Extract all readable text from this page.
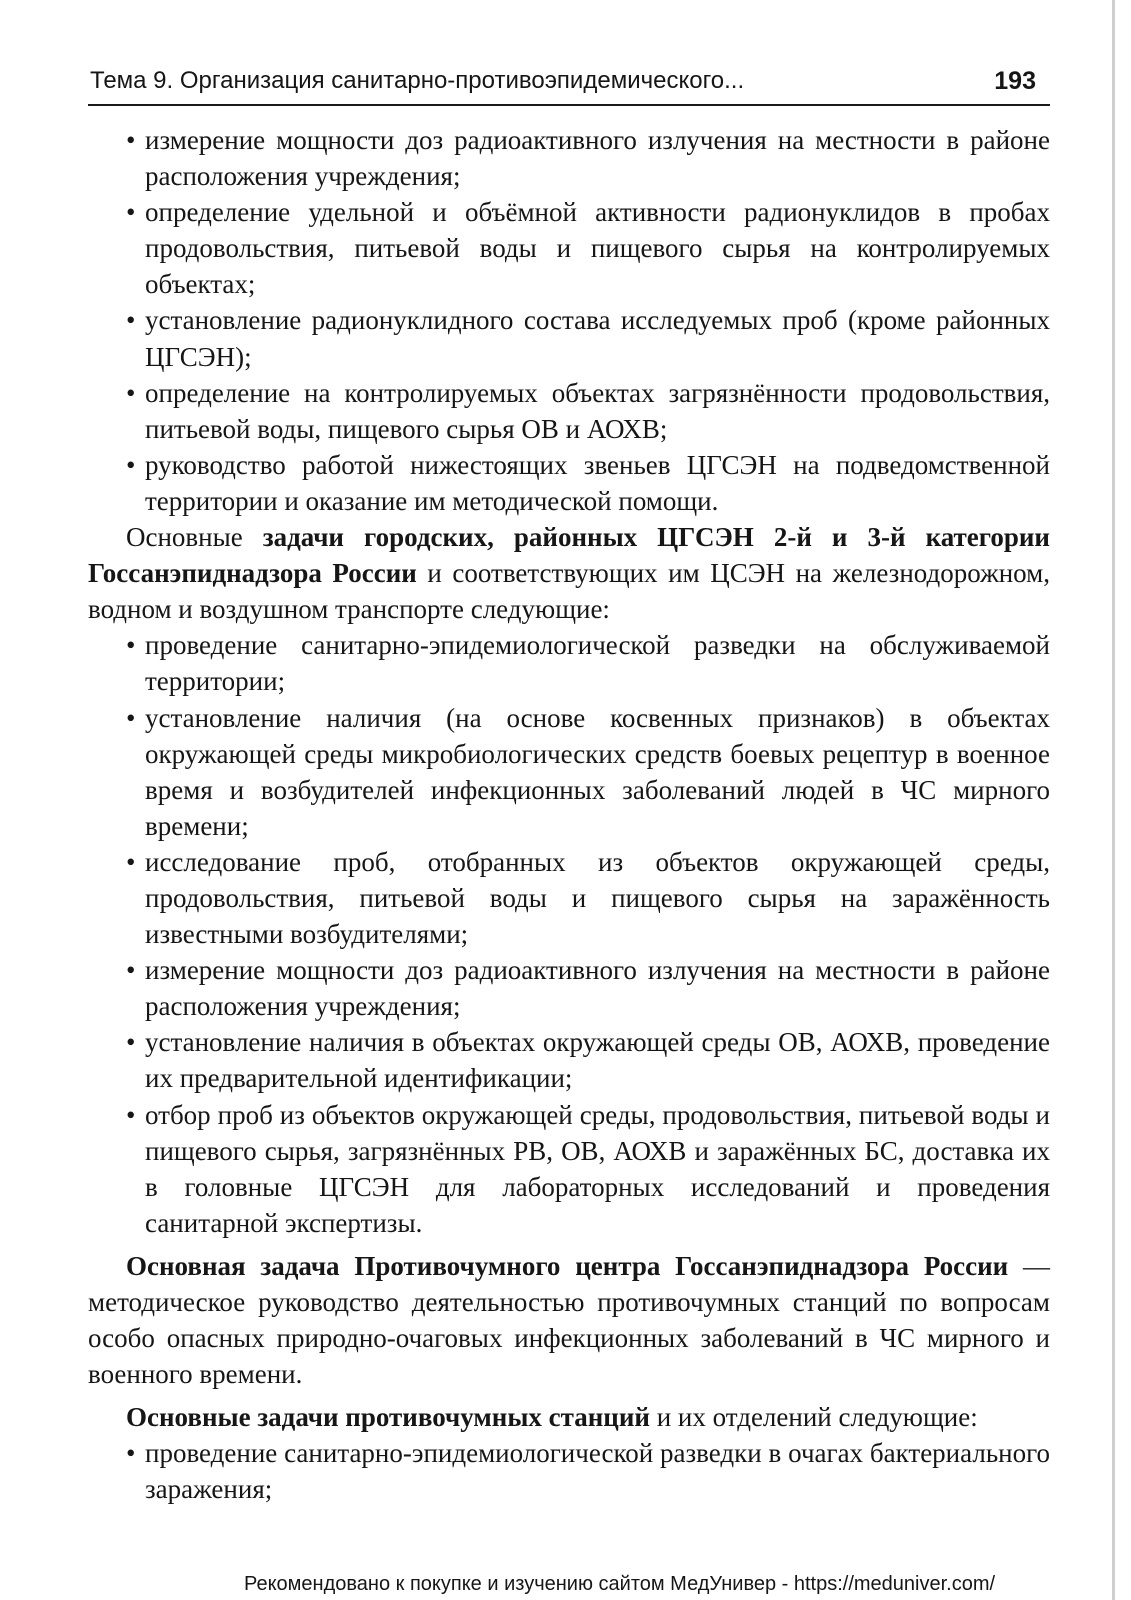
Тема 9. Организация санитарно-противоэпидемического...	193
• измерение мощности доз радиоактивного излучения на местности в районе расположения учреждения;
• определение удельной и объёмной активности радионуклидов в пробах продовольствия, питьевой воды и пищевого сырья на контролируемых объектах;
• установление радионуклидного состава исследуемых проб (кроме районных ЦГСЭН);
• определение на контролируемых объектах загрязнённости продовольствия, питьевой воды, пищевого сырья ОВ и АОХВ;
• руководство работой нижестоящих звеньев ЦГСЭН на подведомственной территории и оказание им методической помощи.

Основные задачи городских, районных ЦГСЭН 2-й и 3-й категории Госсанэпиднадзора России и соответствующих им ЦСЭН на железнодорожном, водном и воздушном транспорте следующие:

• проведение санитарно-эпидемиологической разведки на обслуживаемой территории;
• установление наличия (на основе косвенных признаков) в объектах окружающей среды микробиологических средств боевых рецептур в военное время и возбудителей инфекционных заболеваний людей в ЧС мирного времени;
• исследование проб, отобранных из объектов окружающей среды, продовольствия, питьевой воды и пищевого сырья на заражённость известными возбудителями;
• измерение мощности доз радиоактивного излучения на местности в районе расположения учреждения;
• установление наличия в объектах окружающей среды ОВ, АОХВ, проведение их предварительной идентификации;
• отбор проб из объектов окружающей среды, продовольствия, питьевой воды и пищевого сырья, загрязнённых РВ, ОВ, АОХВ и заражённых БС, доставка их в головные ЦГСЭН для лабораторных исследований и проведения санитарной экспертизы.

Основная задача Противочумного центра Госсанэпиднадзора России — методическое руководство деятельностью противочумных станций по вопросам особо опасных природно-очаговых инфекционных заболеваний в ЧС мирного и военного времени.

Основные задачи противочумных станций и их отделений следующие:

• проведение санитарно-эпидемиологической разведки в очагах бактериального заражения;
Рекомендовано к покупке и изучению сайтом МедУнивер - https://meduniver.com/
